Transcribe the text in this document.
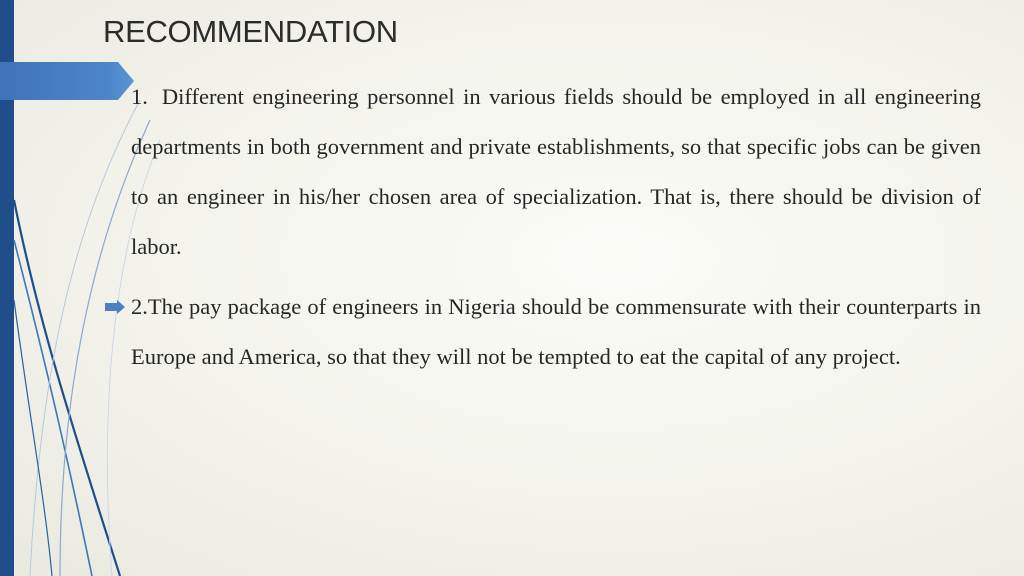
RECOMMENDATION
1. Different engineering personnel in various fields should be employed in all engineering departments in both government and private establishments, so that specific jobs can be given to an engineer in his/her chosen area of specialization. That is, there should be division of labor.
2.The pay package of engineers in Nigeria should be commensurate with their counterparts in Europe and America, so that they will not be tempted to eat the capital of any project.
